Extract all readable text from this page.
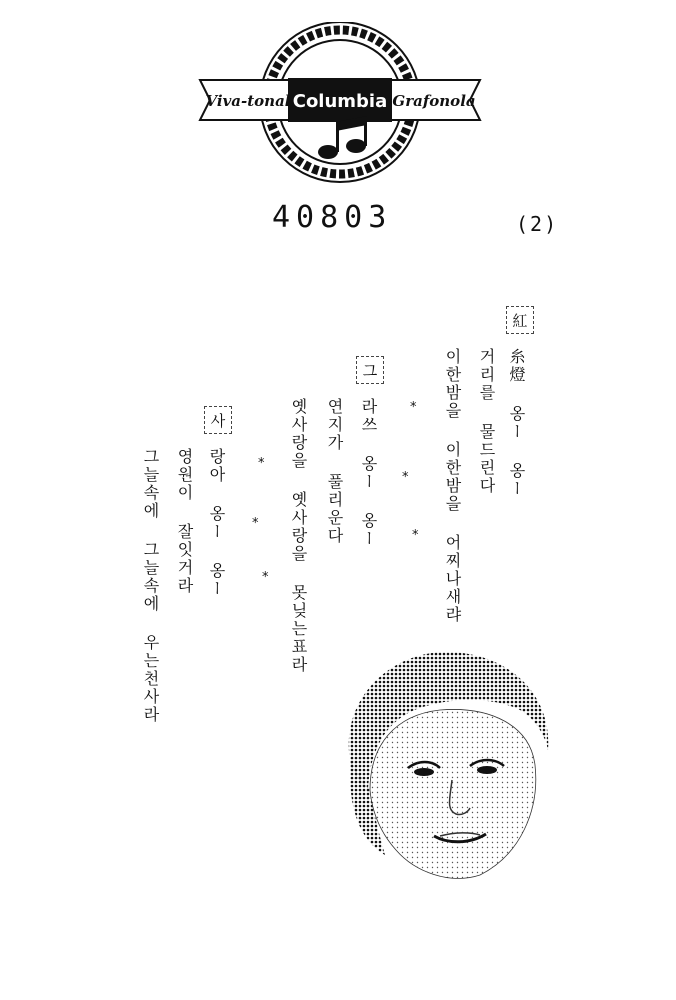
Viva-tonal Columbia Grafonola
40803	(2)
紅
糸燈 옹ー 옹ー
거리를 물드린다
이한밤을 이한밤을 어찌나새랴
*
*
*
그
라쓰 옹ー 옹ー
연지가 풀리운다
옛사랑을 옛사랑을 못닞는표라
*
*
*
사
랑아 옹ー 옹ー
영원이 잘잇거라
그늘속에 그늘속에 우는천사라
